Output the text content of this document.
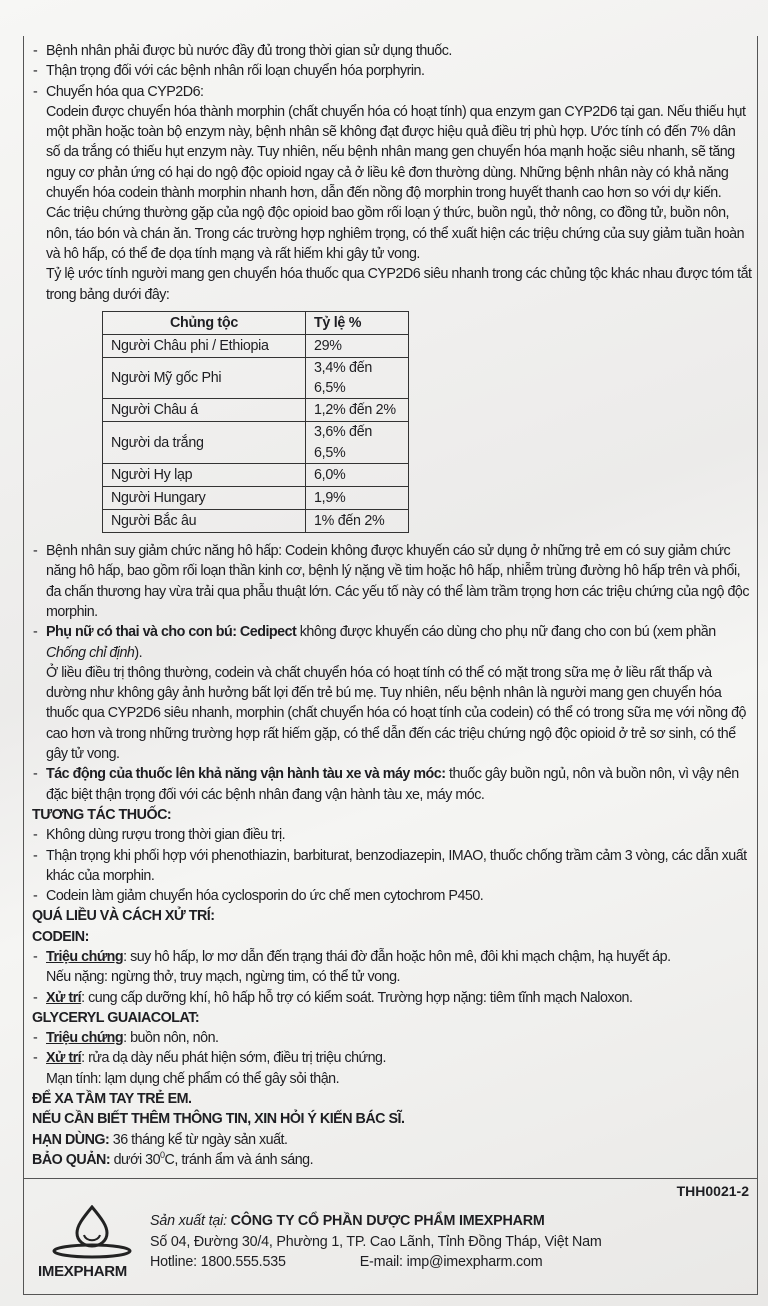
- Bệnh nhân phải được bù nước đầy đủ trong thời gian sử dụng thuốc.
- Thận trọng đối với các bệnh nhân rối loạn chuyển hóa porphyrin.
- Chuyển hóa qua CYP2D6:
Codein được chuyển hóa thành morphin (chất chuyển hóa có hoạt tính) qua enzym gan CYP2D6 tại gan. Nếu thiếu hụt một phần hoặc toàn bộ enzym này, bệnh nhân sẽ không đạt được hiệu quả điều trị phù hợp. Ước tính có đến 7% dân số da trắng có thiếu hụt enzym này. Tuy nhiên, nếu bệnh nhân mang gen chuyển hóa mạnh hoặc siêu nhanh, sẽ tăng nguy cơ phản ứng có hại do ngộ độc opioid ngay cả ở liều kê đơn thường dùng. Những bệnh nhân này có khả năng chuyển hóa codein thành morphin nhanh hơn, dẫn đến nồng độ morphin trong huyết thanh cao hơn so với dự kiến.
Các triệu chứng thường gặp của ngộ độc opioid bao gồm rối loạn ý thức, buồn ngủ, thở nông, co đồng tử, buồn nôn, nôn, táo bón và chán ăn. Trong các trường hợp nghiêm trọng, có thể xuất hiện các triệu chứng của suy giảm tuần hoàn và hô hấp, có thể đe dọa tính mạng và rất hiếm khi gây tử vong.
Tỷ lệ ước tính người mang gen chuyển hóa thuốc qua CYP2D6 siêu nhanh trong các chủng tộc khác nhau được tóm tắt trong bảng dưới đây:
Chủng tộc	Tỷ lệ %
Người Châu phi / Ethiopia	29%
Người Mỹ gốc Phi	3,4% đến 6,5%
Người Châu á	1,2% đến 2%
Người da trắng	3,6% đến 6,5%
Người Hy lạp	6,0%
Người Hungary	1,9%
Người Bắc âu	1% đến 2%
- Bệnh nhân suy giảm chức năng hô hấp: Codein không được khuyến cáo sử dụng ở những trẻ em có suy giảm chức năng hô hấp, bao gồm rối loạn thần kinh cơ, bệnh lý nặng về tim hoặc hô hấp, nhiễm trùng đường hô hấp trên và phổi, đa chấn thương hay vừa trải qua phẫu thuật lớn. Các yếu tố này có thể làm trầm trọng hơn các triệu chứng của ngộ độc morphin.
- Phụ nữ có thai và cho con bú: Cedipect không được khuyến cáo dùng cho phụ nữ đang cho con bú (xem phần Chống chỉ định).
Ở liều điều trị thông thường, codein và chất chuyển hóa có hoạt tính có thể có mặt trong sữa mẹ ở liều rất thấp và dường như không gây ảnh hưởng bất lợi đến trẻ bú mẹ. Tuy nhiên, nếu bệnh nhân là người mang gen chuyển hóa thuốc qua CYP2D6 siêu nhanh, morphin (chất chuyển hóa có hoạt tính của codein) có thể có trong sữa mẹ với nồng độ cao hơn và trong những trường hợp rất hiếm gặp, có thể dẫn đến các triệu chứng ngộ độc opioid ở trẻ sơ sinh, có thể gây tử vong.
- Tác động của thuốc lên khả năng vận hành tàu xe và máy móc: thuốc gây buồn ngủ, nôn và buồn nôn, vì vậy nên đặc biệt thận trọng đối với các bệnh nhân đang vận hành tàu xe, máy móc.
TƯƠNG TÁC THUỐC:
- Không dùng rượu trong thời gian điều trị.
- Thận trọng khi phối hợp với phenothiazin, barbiturat, benzodiazepin, IMAO, thuốc chống trầm cảm 3 vòng, các dẫn xuất khác của morphin.
- Codein làm giảm chuyển hóa cyclosporin do ức chế men cytochrom P450.
QUÁ LIỀU VÀ CÁCH XỬ TRÍ:
CODEIN:
- Triệu chứng: suy hô hấp, lơ mơ dẫn đến trạng thái đờ đẫn hoặc hôn mê, đôi khi mạch chậm, hạ huyết áp.
Nếu nặng: ngừng thở, truy mạch, ngừng tim, có thể tử vong.
- Xử trí: cung cấp dưỡng khí, hô hấp hỗ trợ có kiểm soát. Trường hợp nặng: tiêm tĩnh mạch Naloxon.
GLYCERYL GUAIACOLAT:
- Triệu chứng: buồn nôn, nôn.
- Xử trí: rửa dạ dày nếu phát hiện sớm, điều trị triệu chứng.
Mạn tính: lạm dụng chế phẩm có thể gây sỏi thận.
ĐỂ XA TẦM TAY TRẺ EM.
NẾU CẦN BIẾT THÊM THÔNG TIN, XIN HỎI Ý KIẾN BÁC SĨ.
HẠN DÙNG: 36 tháng kể từ ngày sản xuất.
BẢO QUẢN: dưới $30^0C$, tránh ẩm và ánh sáng.
THH0021-2
IMEXPHARM
Sản xuất tại: CÔNG TY CỔ PHẦN DƯỢC PHẨM IMEXPHARM
Số 04, Đường 30/4, Phường 1, TP. Cao Lãnh, Tỉnh Đồng Tháp, Việt Nam
Hotline: 1800.555.535	E-mail: imp@imexpharm.com
